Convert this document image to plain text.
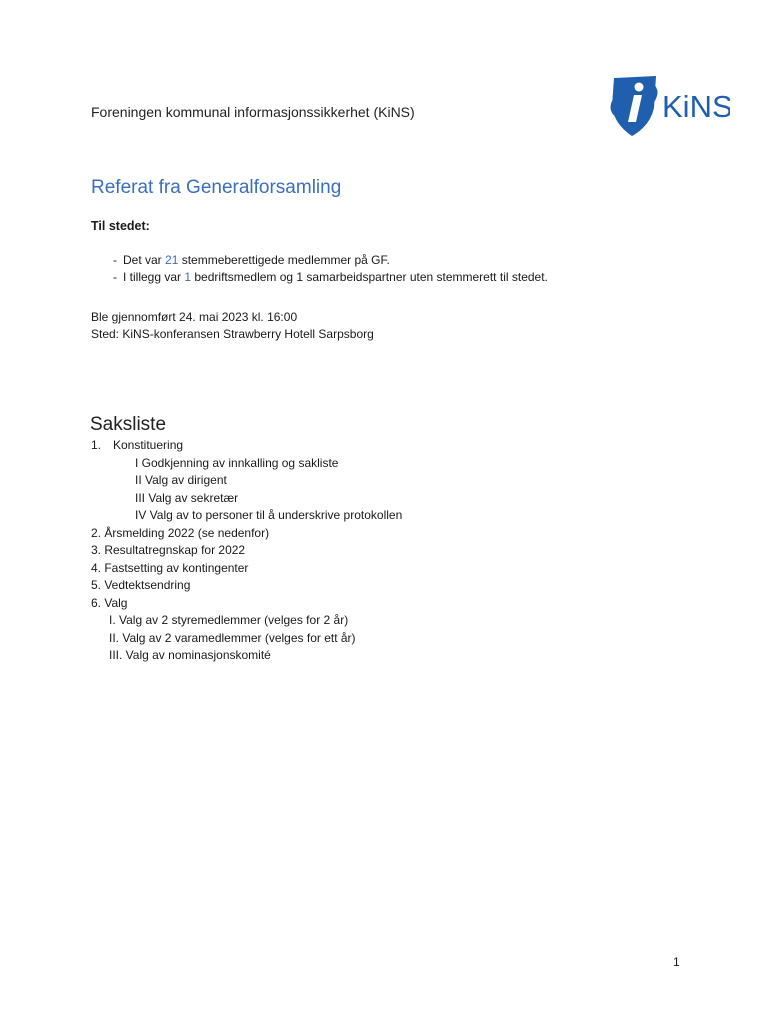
Foreningen kommunal informasjonssikkerhet (KiNS)	KiNS
Referat fra Generalforsamling
Til stedet:
- Det var 21 stemmeberettigede medlemmer på GF.
- I tillegg var 1 bedriftsmedlem og 1 samarbeidspartner uten stemmerett til stedet.
Ble gjennomført 24. mai 2023 kl. 16:00
Sted: KiNS-konferansen Strawberry Hotell Sarpsborg
Saksliste
1. Konstituering
I Godkjenning av innkalling og sakliste
II Valg av dirigent
III Valg av sekretær
IV Valg av to personer til å underskrive protokollen
2. Årsmelding 2022 (se nedenfor)
3. Resultatregnskap for 2022
4. Fastsetting av kontingenter
5. Vedtektsendring
6. Valg
I. Valg av 2 styremedlemmer (velges for 2 år)
II. Valg av 2 varamedlemmer (velges for ett år)
III. Valg av nominasjonskomité
1
